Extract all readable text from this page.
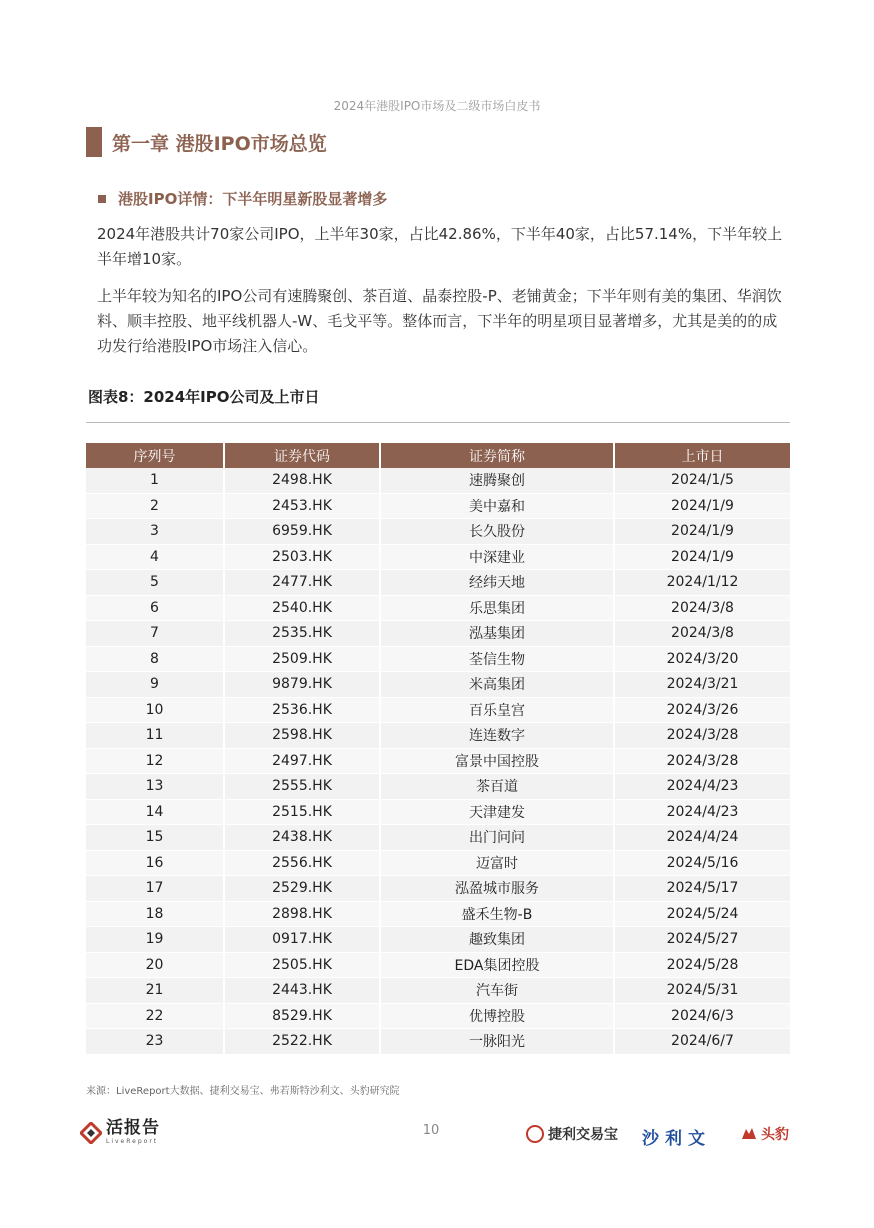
2024年港股IPO市场及二级市场白皮书
第一章 港股IPO市场总览
港股IPO详情：下半年明星新股显著增多

2024年港股共计70家公司IPO，上半年30家，占比42.86%，下半年40家，占比57.14%，下半年较上半年增10家。

上半年较为知名的IPO公司有速腾聚创、茶百道、晶泰控股-P、老铺黄金；下半年则有美的集团、华润饮料、顺丰控股、地平线机器人-W、毛戈平等。整体而言，下半年的明星项目显著增多，尤其是美的的成功发行给港股IPO市场注入信心。

图表8：2024年IPO公司及上市日
序列号	证券代码	证券简称	上市日
1	2498.HK	速腾聚创	2024/1/5
2	2453.HK	美中嘉和	2024/1/9
3	6959.HK	长久股份	2024/1/9
4	2503.HK	中深建业	2024/1/9
5	2477.HK	经纬天地	2024/1/12
6	2540.HK	乐思集团	2024/3/8
7	2535.HK	泓基集团	2024/3/8
8	2509.HK	荃信生物	2024/3/20
9	9879.HK	米高集团	2024/3/21
10	2536.HK	百乐皇宫	2024/3/26
11	2598.HK	连连数字	2024/3/28
12	2497.HK	富景中国控股	2024/3/28
13	2555.HK	茶百道	2024/4/23
14	2515.HK	天津建发	2024/4/23
15	2438.HK	出门问问	2024/4/24
16	2556.HK	迈富时	2024/5/16
17	2529.HK	泓盈城市服务	2024/5/17
18	2898.HK	盛禾生物-B	2024/5/24
19	0917.HK	趣致集团	2024/5/27
20	2505.HK	EDA集团控股	2024/5/28
21	2443.HK	汽车街	2024/5/31
22	8529.HK	优博控股	2024/6/3
23	2522.HK	一脉阳光	2024/6/7
来源：LiveReport大数据、捷利交易宝、弗若斯特沙利文、头豹研究院
活报告
LiveReport
10	捷利交易宝 沙利文	头豹
